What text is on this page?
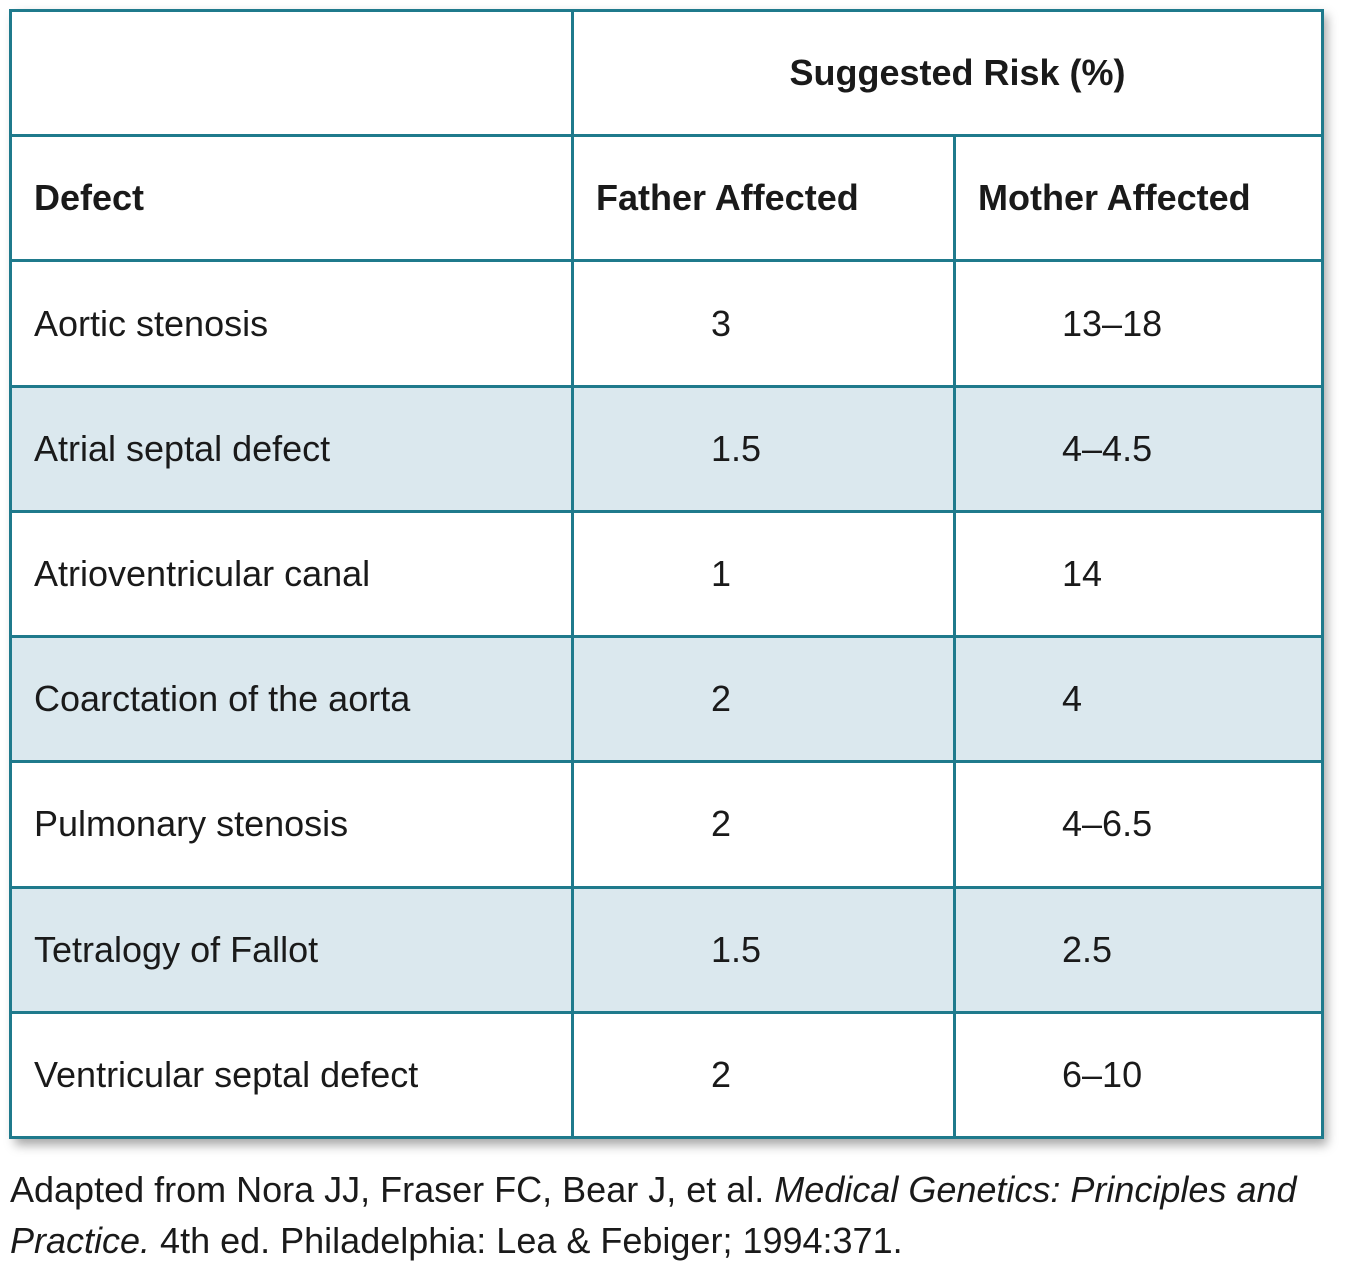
	Suggested Risk (%)	
Defect	Father Affected	Mother Affected
Aortic stenosis	3	13–18
Atrial septal defect	1.5	4–4.5
Atrioventricular canal	1	14
Coarctation of the aorta	2	4
Pulmonary stenosis	2	4–6.5
Tetralogy of Fallot	1.5	2.5
Ventricular septal defect	2	6–10
Adapted from Nora JJ, Fraser FC, Bear J, et al. Medical Genetics: Principles and Practice. 4th ed. Philadelphia: Lea & Febiger; 1994:371.
